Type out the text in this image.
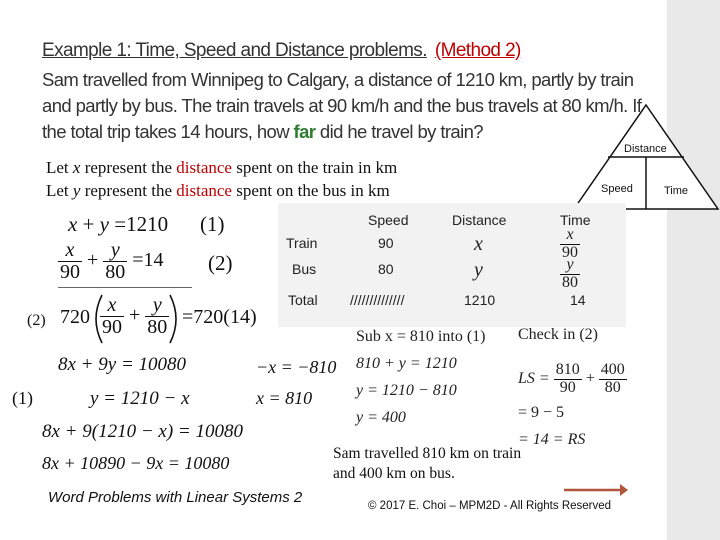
Example 1: Time, Speed and Distance problems. (Method 2)
Sam travelled from Winnipeg to Calgary, a distance of 1210 km, partly by train and partly by bus. The train travels at 90 km/h and the bus travels at 80 km/h. If the total trip takes 14 hours, how far did he travel by train?
Let x represent the distance spent on the train in km
Let y represent the distance spent on the bus in km
Distance
Speed	Time
x + y =1210 (1)
$\frac{x}{90} + \frac{y}{80} =14$ (2)
(2) $720 \frac{x}{90} + \frac{y}{80} =720(14)$
8x + 9y = 10080
(1)	y = 1210 − x
8x + 9(1210 − x) = 10080
8x + 10890 − 9x = 10080
−x = −810
x = 810
Speed	Distance	Time
Train	90	x	$\frac{x}{90}$
Bus	80	y	$\frac{y}{80}$
Total //////////////	1210	14
Sub x = 810 into (1)
810 + y = 1210
y = 1210 − 810
y = 400
Check in (2)
LS = $\frac{810}{90} + \frac{400}{80}$
= 9 − 5
= 14 = RS
Sam travelled 810 km on train
and 400 km on bus.
Word Problems with Linear Systems 2	© 2017 E. Choi – MPM2D - All Rights Reserved
